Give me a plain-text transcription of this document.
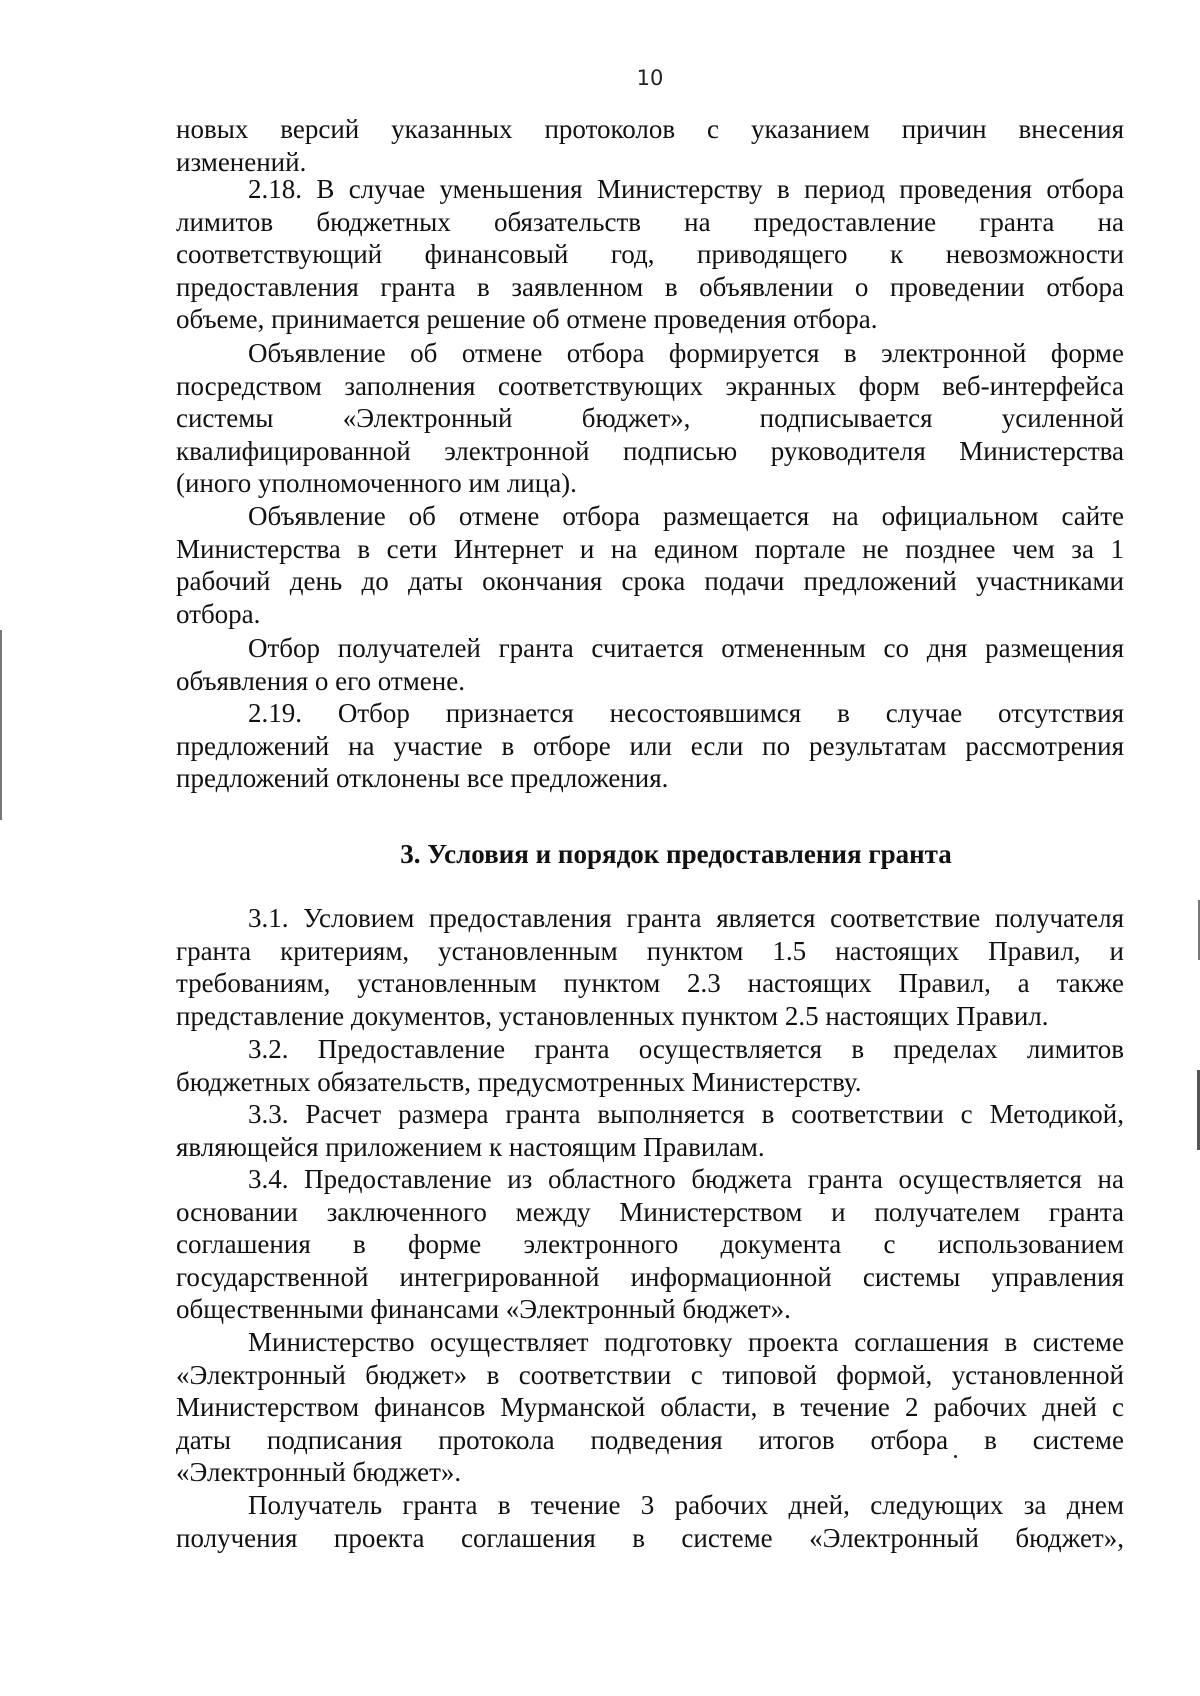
10
новых версий указанных протоколов с указанием причин внесения
изменений.
2.18. В случае уменьшения Министерству в период проведения отбора
лимитов бюджетных обязательств на предоставление гранта на
соответствующий финансовый год, приводящего к невозможности
предоставления гранта в заявленном в объявлении о проведении отбора
объеме, принимается решение об отмене проведения отбора.
Объявление об отмене отбора формируется в электронной форме
посредством заполнения соответствующих экранных форм веб-интерфейса
системы «Электронный бюджет», подписывается усиленной
квалифицированной электронной подписью руководителя Министерства
(иного уполномоченного им лица).
Объявление об отмене отбора размещается на официальном сайте
Министерства в сети Интернет и на едином портале не позднее чем за 1
рабочий день до даты окончания срока подачи предложений участниками
отбора.
Отбор получателей гранта считается отмененным со дня размещения
объявления о его отмене.
2.19. Отбор признается несостоявшимся в случае отсутствия
предложений на участие в отборе или если по результатам рассмотрения
предложений отклонены все предложения.
3. Условия и порядок предоставления гранта
3.1. Условием предоставления гранта является соответствие получателя
гранта критериям, установленным пунктом 1.5 настоящих Правил, и
требованиям, установленным пунктом 2.3 настоящих Правил, а также
представление документов, установленных пунктом 2.5 настоящих Правил.
3.2. Предоставление гранта осуществляется в пределах лимитов
бюджетных обязательств, предусмотренных Министерству.
3.3. Расчет размера гранта выполняется в соответствии с Методикой,
являющейся приложением к настоящим Правилам.
3.4. Предоставление из областного бюджета гранта осуществляется на
основании заключенного между Министерством и получателем гранта
соглашения в форме электронного документа с использованием
государственной интегрированной информационной системы управления
общественными финансами «Электронный бюджет».
Министерство осуществляет подготовку проекта соглашения в системе
«Электронный бюджет» в соответствии с типовой формой, установленной
Министерством финансов Мурманской области, в течение 2 рабочих дней с
даты подписания протокола подведения итогов отбора в системе
«Электронный бюджет».
Получатель гранта в течение 3 рабочих дней, следующих за днем
получения проекта соглашения в системе «Электронный бюджет»,
